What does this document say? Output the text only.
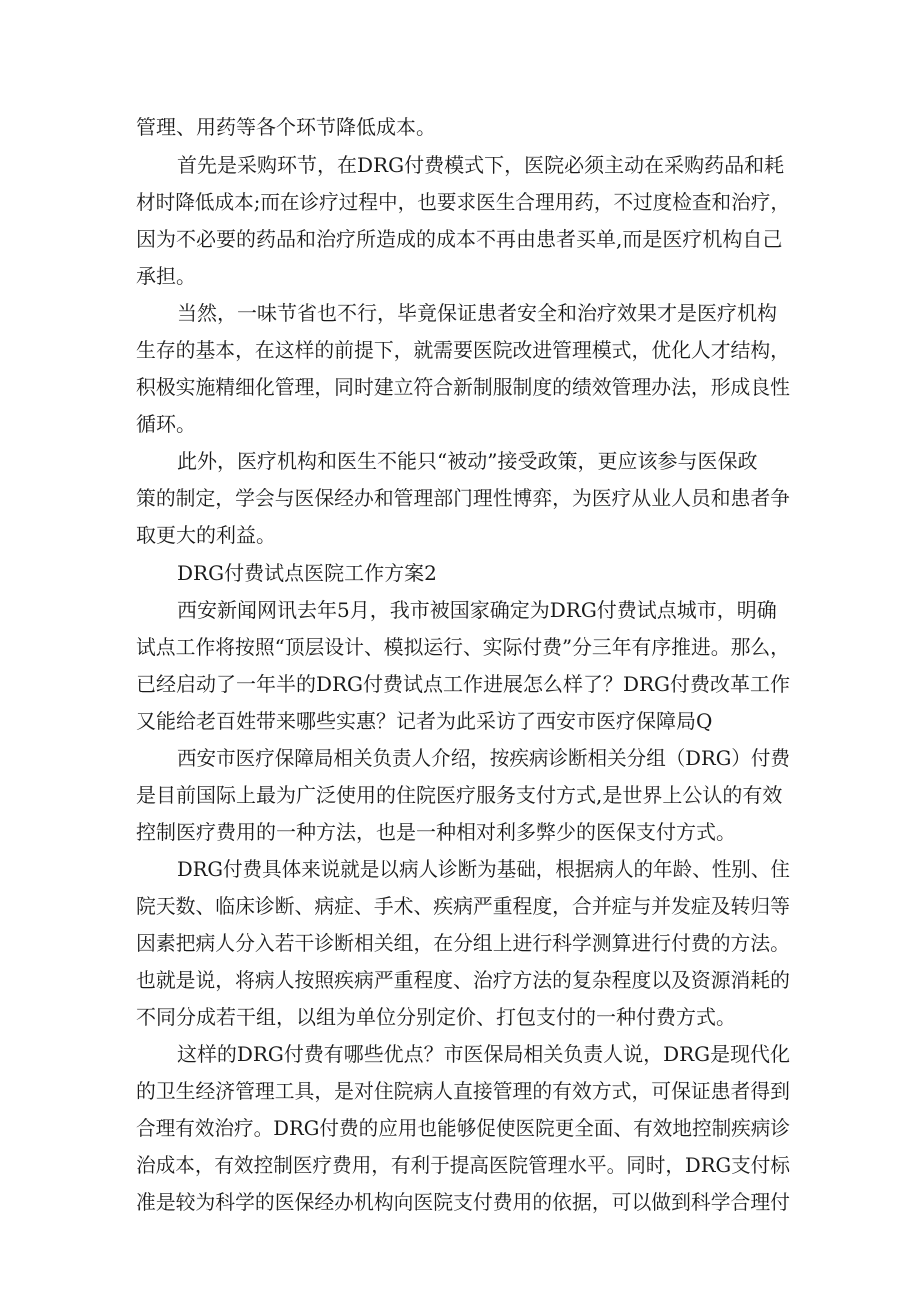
管理、用药等各个环节降低成本。
首先是采购环节，在DRG付费模式下，医院必须主动在采购药品和耗
材时降低成本;而在诊疗过程中，也要求医生合理用药，不过度检查和治疗，
因为不必要的药品和治疗所造成的成本不再由患者买单,而是医疗机构自己
承担。
当然，一味节省也不行，毕竟保证患者安全和治疗效果才是医疗机构
生存的基本，在这样的前提下，就需要医院改进管理模式，优化人才结构，
积极实施精细化管理，同时建立符合新制服制度的绩效管理办法，形成良性
循环。
此外，医疗机构和医生不能只“被动”接受政策，更应该参与医保政
策的制定，学会与医保经办和管理部门理性博弈，为医疗从业人员和患者争
取更大的利益。
DRG付费试点医院工作方案2
西安新闻网讯去年5月，我市被国家确定为DRG付费试点城市，明确
试点工作将按照“顶层设计、模拟运行、实际付费”分三年有序推进。那么，
已经启动了一年半的DRG付费试点工作进展怎么样了？DRG付费改革工作
又能给老百姓带来哪些实惠？记者为此采访了西安市医疗保障局Q
西安市医疗保障局相关负责人介绍，按疾病诊断相关分组（DRG）付费
是目前国际上最为广泛使用的住院医疗服务支付方式,是世界上公认的有效
控制医疗费用的一种方法，也是一种相对利多弊少的医保支付方式。
DRG付费具体来说就是以病人诊断为基础，根据病人的年龄、性别、住
院天数、临床诊断、病症、手术、疾病严重程度，合并症与并发症及转归等
因素把病人分入若干诊断相关组，在分组上进行科学测算进行付费的方法。
也就是说，将病人按照疾病严重程度、治疗方法的复杂程度以及资源消耗的
不同分成若干组，以组为单位分别定价、打包支付的一种付费方式。
这样的DRG付费有哪些优点？市医保局相关负责人说，DRG是现代化
的卫生经济管理工具，是对住院病人直接管理的有效方式，可保证患者得到
合理有效治疗。DRG付费的应用也能够促使医院更全面、有效地控制疾病诊
治成本，有效控制医疗费用，有利于提高医院管理水平。同时，DRG支付标
准是较为科学的医保经办机构向医院支付费用的依据，可以做到科学合理付
